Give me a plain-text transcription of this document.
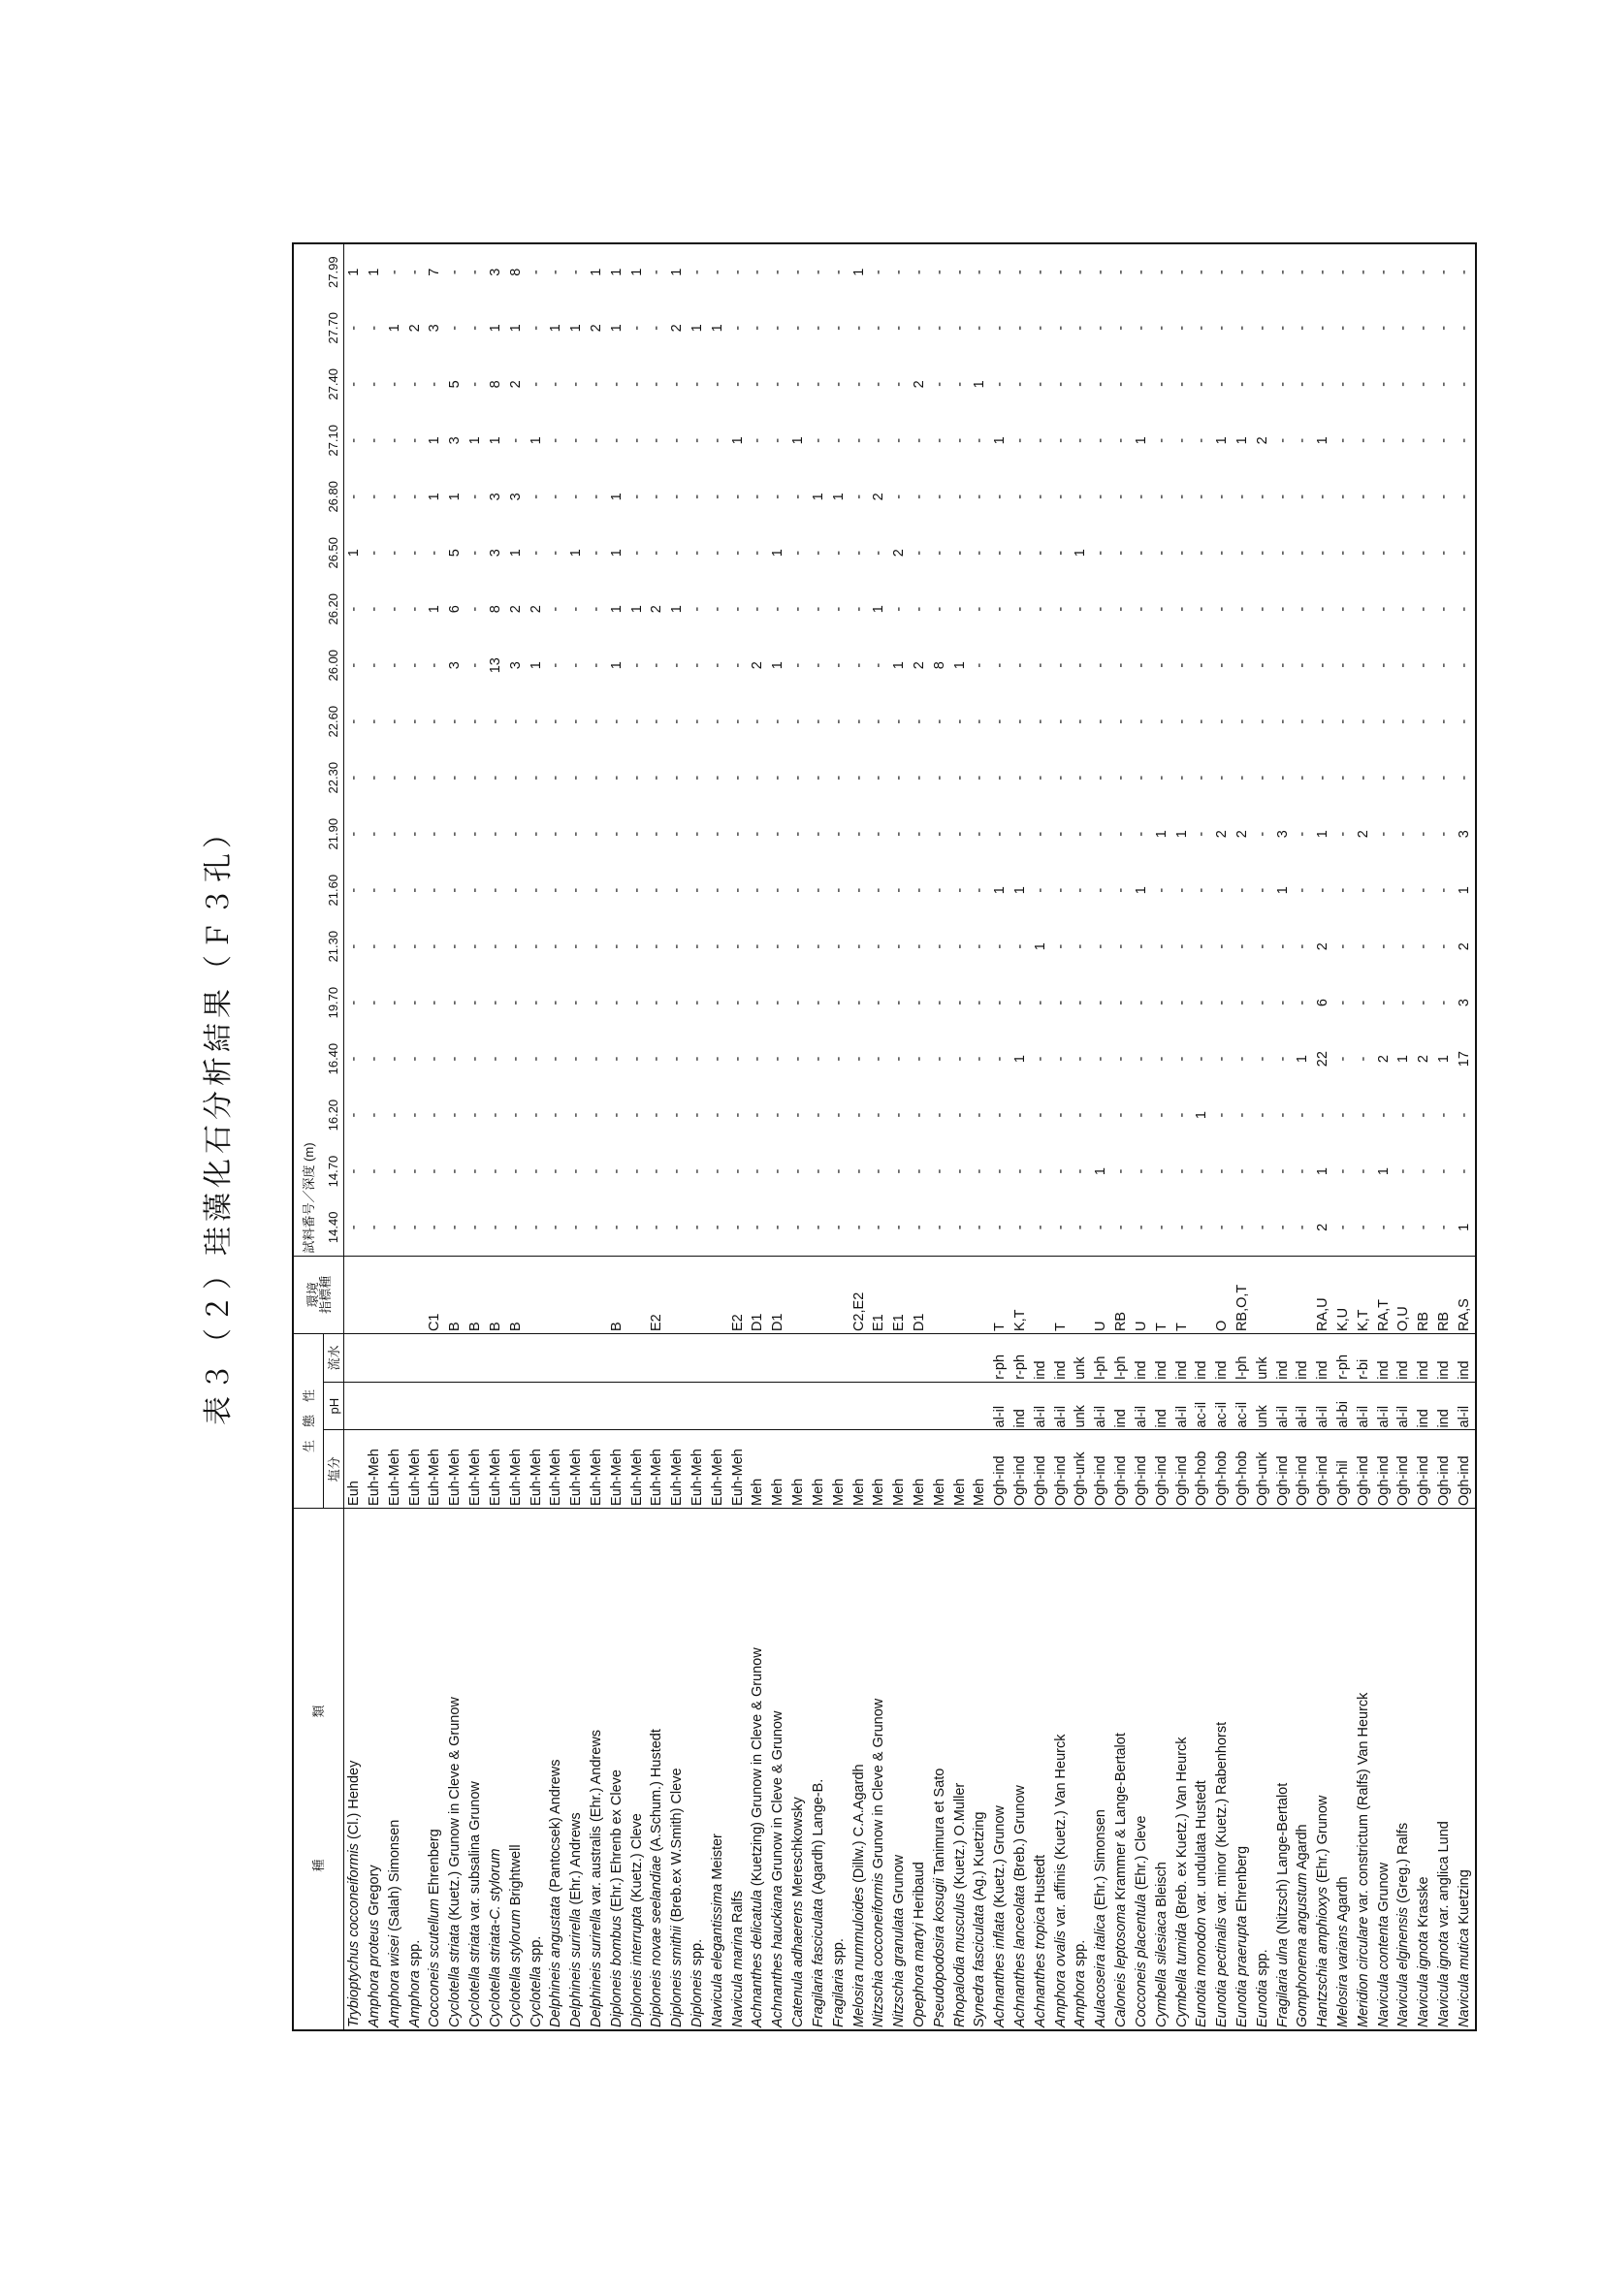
表３（２）珪藻化石分析結果（Ｆ３孔）
種　　類	生　態　性			環境
指標種	試料番号／深度 (m)																	
	塩分	pH	流水		14.40	14.70	16.20	16.40	19.70	21.30	21.60	21.90	22.30	22.60	26.00	26.20	26.50	26.80	27.10	27.40	27.70	27.99
Trybioptychus cocconeiformis (Cl.) Hendey	Euh				-	-	-	-	-	-	-	-	-	-	-	-	1	-	-	-	-	1
Amphora proteus Gregory	Euh-Meh				-	-	-	-	-	-	-	-	-	-	-	-	-	-	-	-	-	1
Amphora wisei (Salah) Simonsen	Euh-Meh				-	-	-	-	-	-	-	-	-	-	-	-	-	-	-	-	1	-
Amphora spp.	Euh-Meh				-	-	-	-	-	-	-	-	-	-	-	-	-	-	-	-	2	-
Cocconeis scutellum Ehrenberg	Euh-Meh			C1	-	-	-	-	-	-	-	-	-	-	-	1	-	1	1	-	3	7
Cyclotella striata (Kuetz.) Grunow in Cleve & Grunow	Euh-Meh			B	-	-	-	-	-	-	-	-	-	-	3	6	5	1	3	5	-	-
Cyclotella striata var. subsalina Grunow	Euh-Meh			B	-	-	-	-	-	-	-	-	-	-	-	-	-	-	1	-	-	-
Cyclotella striata-C. stylorum	Euh-Meh			B	-	-	-	-	-	-	-	-	-	-	13	8	3	3	1	8	1	3
Cyclotella stylorum Brightwell	Euh-Meh			B	-	-	-	-	-	-	-	-	-	-	3	2	1	3	-	2	1	8
Cyclotella spp.	Euh-Meh				-	-	-	-	-	-	-	-	-	-	1	2	-	-	1	-	-	-
Delphineis angustata (Pantocsek) Andrews	Euh-Meh				-	-	-	-	-	-	-	-	-	-	-	-	-	-	-	-	1	-
Delphineis surirella (Ehr.) Andrews	Euh-Meh				-	-	-	-	-	-	-	-	-	-	-	-	1	-	-	-	1	-
Delphineis surirella var. australis (Ehr.) Andrews	Euh-Meh				-	-	-	-	-	-	-	-	-	-	-	-	-	-	-	-	2	1
Diploneis bombus (Ehr.) Ehrenb ex Cleve	Euh-Meh			B	-	-	-	-	-	-	-	-	-	-	1	1	1	1	-	-	1	1
Diploneis interrupta (Kuetz.) Cleve	Euh-Meh				-	-	-	-	-	-	-	-	-	-	-	1	-	-	-	-	-	1
Diploneis novae seelandiae (A.Schum.) Hustedt	Euh-Meh			E2	-	-	-	-	-	-	-	-	-	-	-	2	-	-	-	-	-	-
Diploneis smithii (Breb.ex W.Smith) Cleve	Euh-Meh				-	-	-	-	-	-	-	-	-	-	-	1	-	-	-	-	2	1
Diploneis spp.	Euh-Meh				-	-	-	-	-	-	-	-	-	-	-	-	-	-	-	-	1	-
Navicula elegantissima Meister	Euh-Meh				-	-	-	-	-	-	-	-	-	-	-	-	-	-	-	-	1	-
Navicula marina Ralfs	Euh-Meh			E2	-	-	-	-	-	-	-	-	-	-	-	-	-	-	1	-	-	-
Achnanthes delicatula (Kuetzing) Grunow in Cleve & Grunow	Meh			D1	-	-	-	-	-	-	-	-	-	-	2	-	-	-	-	-	-	-
Achnanthes hauckiana Grunow in Cleve & Grunow	Meh			D1	-	-	-	-	-	-	-	-	-	-	1	-	1	-	-	-	-	-
Catenula adhaerens Mereschkowsky	Meh				-	-	-	-	-	-	-	-	-	-	-	-	-	-	1	-	-	-
Fragilaria fasciculata (Agardh) Lange-B.	Meh				-	-	-	-	-	-	-	-	-	-	-	-	-	1	-	-	-	-
Fragilaria spp.	Meh				-	-	-	-	-	-	-	-	-	-	-	-	-	1	-	-	-	-
Melosira nummuloides (Dillw.) C.A.Agardh	Meh			C2,E2	-	-	-	-	-	-	-	-	-	-	-	-	-	-	-	-	-	1
Nitzschia cocconeiformis Grunow in Cleve & Grunow	Meh			E1	-	-	-	-	-	-	-	-	-	-	-	1	-	2	-	-	-	-
Nitzschia granulata Grunow	Meh			E1	-	-	-	-	-	-	-	-	-	-	1	-	2	-	-	-	-	-
Opephora martyi Heribaud	Meh			D1	-	-	-	-	-	-	-	-	-	-	2	-	-	-	-	2	-	-
Pseudopodosira kosugii Tanimura et Sato	Meh				-	-	-	-	-	-	-	-	-	-	8	-	-	-	-	-	-	-
Rhopalodia musculus (Kuetz.) O.Muller	Meh				-	-	-	-	-	-	-	-	-	-	1	-	-	-	-	-	-	-
Synedra fasciculata (Ag.) Kuetzing	Meh				-	-	-	-	-	-	-	-	-	-	-	-	-	-	-	1	-	-
Achnanthes inflata (Kuetz.) Grunow	Ogh-ind	al-il	r-ph	T	-	-	-	-	-	-	1	-	-	-	-	-	-	-	1	-	-	-
Achnanthes lanceolata (Breb.) Grunow	Ogh-ind	ind	r-ph	K,T	-	-	-	1	-	-	1	-	-	-	-	-	-	-	-	-	-	-
Achnanthes tropica Hustedt	Ogh-ind	al-il	ind		-	-	-	-	-	1	-	-	-	-	-	-	-	-	-	-	-	-
Amphora ovalis var. affinis (Kuetz.) Van Heurck	Ogh-ind	al-il	ind	T	-	-	-	-	-	-	-	-	-	-	-	-	-	-	-	-	-	-
Amphora spp.	Ogh-unk	unk	unk		-	-	-	-	-	-	-	-	-	-	-	-	1	-	-	-	-	-
Aulacoseira italica (Ehr.) Simonsen	Ogh-ind	al-il	l-ph	U	-	1	-	-	-	-	-	-	-	-	-	-	-	-	-	-	-	-
Caloneis leptosoma Krammer & Lange-Bertalot	Ogh-ind	ind	l-ph	RB	-	-	-	-	-	-	-	-	-	-	-	-	-	-	-	-	-	-
Cocconeis placentula (Ehr.) Cleve	Ogh-ind	al-il	ind	U	-	-	-	-	-	-	1	-	-	-	-	-	-	-	1	-	-	-
Cymbella silesiaca Bleisch	Ogh-ind	ind	ind	T	-	-	-	-	-	-	-	1	-	-	-	-	-	-	-	-	-	-
Cymbella tumida (Breb. ex Kuetz.) Van Heurck	Ogh-ind	al-il	ind	T	-	-	-	-	-	-	-	1	-	-	-	-	-	-	-	-	-	-
Eunotia monodon var. undulata Hustedt	Ogh-hob	ac-il	ind		-	-	1	-	-	-	-	-	-	-	-	-	-	-	-	-	-	-
Eunotia pectinalis var. minor (Kuetz.) Rabenhorst	Ogh-hob	ac-il	ind	O	-	-	-	-	-	-	-	2	-	-	-	-	-	-	1	-	-	-
Eunotia praerupta Ehrenberg	Ogh-hob	ac-il	l-ph	RB,O,T	-	-	-	-	-	-	-	2	-	-	-	-	-	-	1	-	-	-
Eunotia spp.	Ogh-unk	unk	unk		-	-	-	-	-	-	-	-	-	-	-	-	-	-	2	-	-	-
Fragilaria ulna (Nitzsch) Lange-Bertalot	Ogh-ind	al-il	ind		-	-	-	-	-	-	1	3	-	-	-	-	-	-	-	-	-	-
Gomphonema angustum Agardh	Ogh-ind	al-il	ind		-	-	-	1	-	-	-	-	-	-	-	-	-	-	-	-	-	-
Hantzschia amphioxys (Ehr.) Grunow	Ogh-ind	al-il	ind	RA,U	2	1	-	22	6	2	-	1	-	-	-	-	-	-	1	-	-	-
Melosira varians Agardh	Ogh-hil	al-bi	r-ph	K,U	-	-	-	-	-	-	-	-	-	-	-	-	-	-	-	-	-	-
Meridion circulare var. constrictum (Ralfs) Van Heurck	Ogh-ind	al-il	r-bi	K,T	-	-	-	-	-	-	-	2	-	-	-	-	-	-	-	-	-	-
Navicula contenta Grunow	Ogh-ind	al-il	ind	RA,T	-	1	-	2	-	-	-	-	-	-	-	-	-	-	-	-	-	-
Navicula elginensis (Greg.) Ralfs	Ogh-ind	al-il	ind	O,U	-	-	-	1	-	-	-	-	-	-	-	-	-	-	-	-	-	-
Navicula ignota Krasske	Ogh-ind	ind	ind	RB	-	-	-	2	-	-	-	-	-	-	-	-	-	-	-	-	-	-
Navicula ignota var. anglica Lund	Ogh-ind	ind	ind	RB	-	-	-	1	-	-	-	-	-	-	-	-	-	-	-	-	-	-
Navicula mutica Kuetzing	Ogh-ind	al-il	ind	RA,S	1	-	-	17	3	2	1	3	-	-	-	-	-	-	-	-	-	-
